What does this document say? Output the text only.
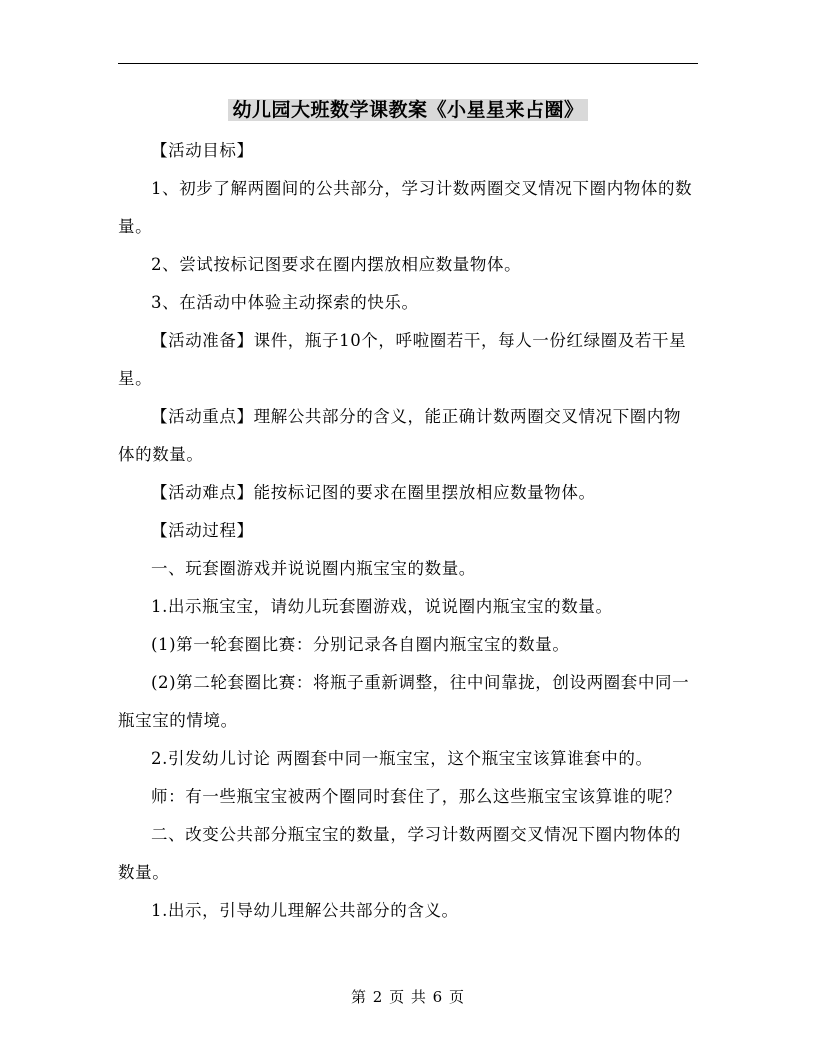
幼儿园大班数学课教案《小星星来占圈》

【活动目标】

1、初步了解两圈间的公共部分，学习计数两圈交叉情况下圈内物体的数量。

2、尝试按标记图要求在圈内摆放相应数量物体。

3、在活动中体验主动探索的快乐。

【活动准备】课件，瓶子10个，呼啦圈若干，每人一份红绿圈及若干星星。

【活动重点】理解公共部分的含义，能正确计数两圈交叉情况下圈内物体的数量。

【活动难点】能按标记图的要求在圈里摆放相应数量物体。

【活动过程】

一、玩套圈游戏并说说圈内瓶宝宝的数量。

1.出示瓶宝宝，请幼儿玩套圈游戏，说说圈内瓶宝宝的数量。

(1)第一轮套圈比赛：分别记录各自圈内瓶宝宝的数量。

(2)第二轮套圈比赛：将瓶子重新调整，往中间靠拢，创设两圈套中同一瓶宝宝的情境。

2.引发幼儿讨论 两圈套中同一瓶宝宝，这个瓶宝宝该算谁套中的。

师：有一些瓶宝宝被两个圈同时套住了，那么这些瓶宝宝该算谁的呢？

二、改变公共部分瓶宝宝的数量，学习计数两圈交叉情况下圈内物体的数量。

1.出示，引导幼儿理解公共部分的含义。

第 2 页 共 6 页
